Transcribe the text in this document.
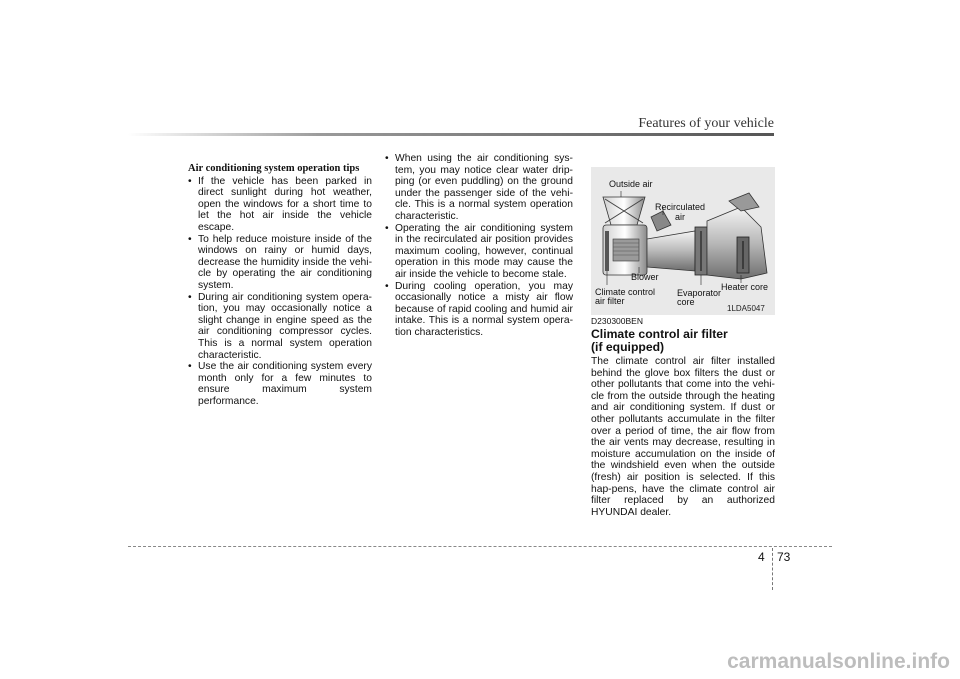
Features of your vehicle
Air conditioning system operation tips
• If the vehicle has been parked in direct sunlight during hot weather, open the windows for a short time to let the hot air inside the vehicle escape.
• To help reduce moisture inside of the windows on rainy or humid days, decrease the humidity inside the vehi-cle by operating the air conditioning system.
• During air conditioning system opera-tion, you may occasionally notice a slight change in engine speed as the air conditioning compressor cycles. This is a normal system operation characteristic.
• Use the air conditioning system every month only for a few minutes to ensure maximum system performance.
• When using the air conditioning sys-tem, you may notice clear water drip-ping (or even puddling) on the ground under the passenger side of the vehi-cle. This is a normal system operation characteristic.
• Operating the air conditioning system in the recirculated air position provides maximum cooling, however, continual operation in this mode may cause the air inside the vehicle to become stale.
• During cooling operation, you may occasionally notice a misty air flow because of rapid cooling and humid air intake. This is a normal system opera-tion characteristics.
Outside air
Recirculated
air
Blower
Climate control
air filter
Evaporator
core
Heater core
1LDA5047
D230300BEN
Climate control air filter
(if equipped)
The climate control air filter installed behind the glove box filters the dust or other pollutants that come into the vehi-cle from the outside through the heating and air conditioning system. If dust or other pollutants accumulate in the filter over a period of time, the air flow from the air vents may decrease, resulting in moisture accumulation on the inside of the windshield even when the outside (fresh) air position is selected. If this hap-pens, have the climate control air filter replaced by an authorized HYUNDAI dealer.
4 73
carmanualsonline.info
